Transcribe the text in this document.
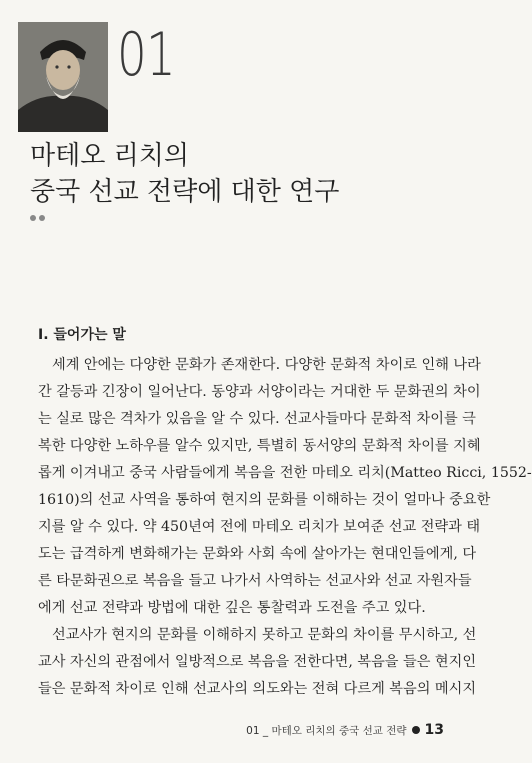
01
마테오 리치의
중국 선교 전략에 대한 연구
Ⅰ. 들어가는 말
세계 안에는 다양한 문화가 존재한다. 다양한 문화적 차이로 인해 나라
간 갈등과 긴장이 일어난다. 동양과 서양이라는 거대한 두 문화권의 차이
는 실로 많은 격차가 있음을 알 수 있다. 선교사들마다 문화적 차이를 극
복한 다양한 노하우를 알수 있지만, 특별히 동서양의 문화적 차이를 지혜
롭게 이겨내고 중국 사람들에게 복음을 전한 마테오 리치(Matteo Ricci, 1552-
1610)의 선교 사역을 통하여 현지의 문화를 이해하는 것이 얼마나 중요한
지를 알 수 있다. 약 450년여 전에 마테오 리치가 보여준 선교 전략과 태
도는 급격하게 변화해가는 문화와 사회 속에 살아가는 현대인들에게, 다
른 타문화권으로 복음을 들고 나가서 사역하는 선교사와 선교 자원자들
에게 선교 전략과 방법에 대한 깊은 통찰력과 도전을 주고 있다.
선교사가 현지의 문화를 이해하지 못하고 문화의 차이를 무시하고, 선
교사 자신의 관점에서 일방적으로 복음을 전한다면, 복음을 들은 현지인
들은 문화적 차이로 인해 선교사의 의도와는 전혀 다르게 복음의 메시지
01 _ 마테오 리치의 중국 선교 전략 13
